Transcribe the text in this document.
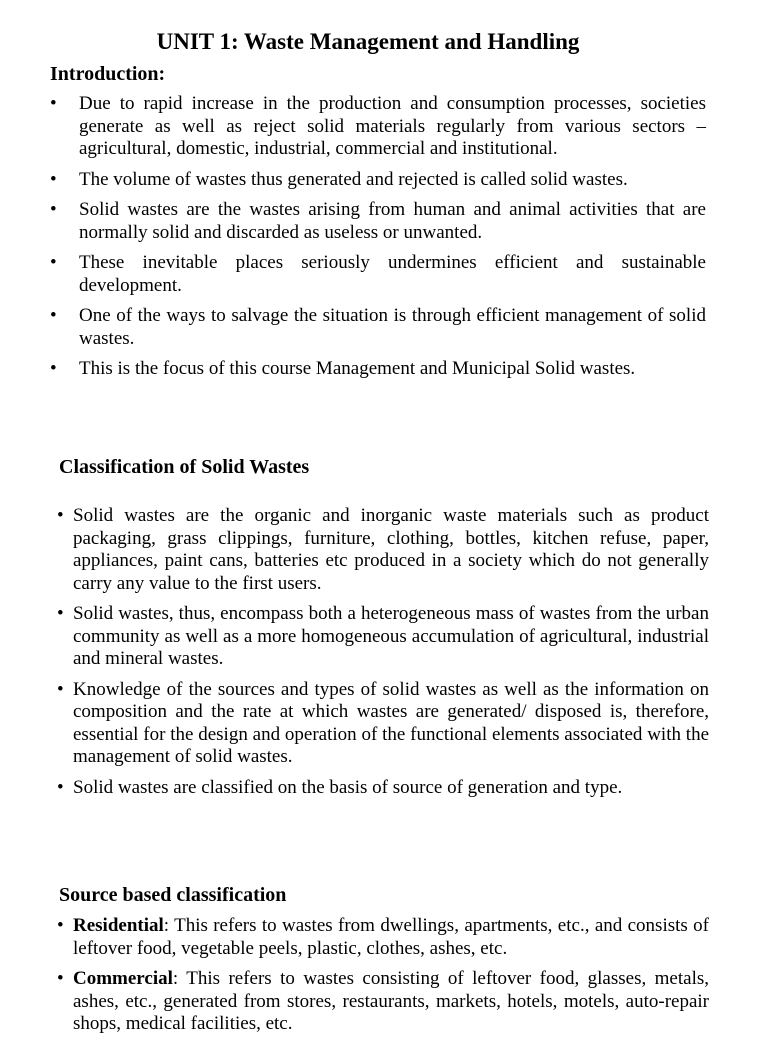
UNIT 1: Waste Management and Handling
Introduction:
• Due to rapid increase in the production and consumption processes, societies generate as well as reject solid materials regularly from various sectors – agricultural, domestic, industrial, commercial and institutional.
• The volume of wastes thus generated and rejected is called solid wastes.
• Solid wastes are the wastes arising from human and animal activities that are normally solid and discarded as useless or unwanted.
• These inevitable places seriously undermines efficient and sustainable development.
• One of the ways to salvage the situation is through efficient management of solid wastes.
• This is the focus of this course Management and Municipal Solid wastes.
Classification of Solid Wastes
• Solid wastes are the organic and inorganic waste materials such as product packaging, grass clippings, furniture, clothing, bottles, kitchen refuse, paper, appliances, paint cans, batteries etc produced in a society which do not generally carry any value to the first users.
• Solid wastes, thus, encompass both a heterogeneous mass of wastes from the urban community as well as a more homogeneous accumulation of agricultural, industrial and mineral wastes.
• Knowledge of the sources and types of solid wastes as well as the information on composition and the rate at which wastes are generated/ disposed is, therefore, essential for the design and operation of the functional elements associated with the management of solid wastes.
• Solid wastes are classified on the basis of source of generation and type.
Source based classification
• Residential: This refers to wastes from dwellings, apartments, etc., and consists of leftover food, vegetable peels, plastic, clothes, ashes, etc.
• Commercial: This refers to wastes consisting of leftover food, glasses, metals, ashes, etc., generated from stores, restaurants, markets, hotels, motels, auto-repair shops, medical facilities, etc.
